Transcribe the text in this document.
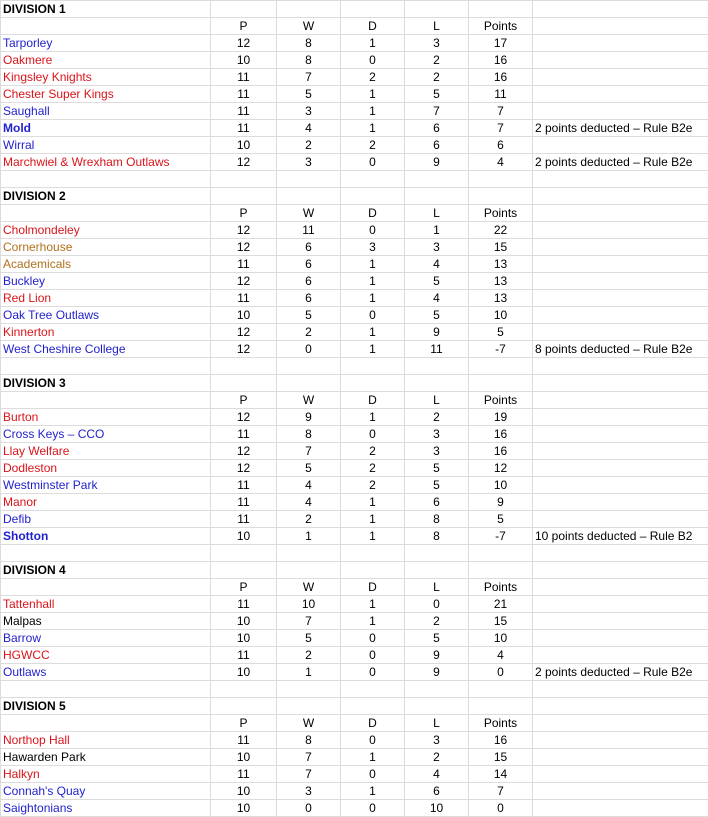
DIVISION 1						
	P	W	D	L	Points	
Tarporley	12	8	1	3	17	
Oakmere	10	8	0	2	16	
Kingsley Knights	11	7	2	2	16	
Chester Super Kings	11	5	1	5	11	
Saughall	11	3	1	7	7	
Mold	11	4	1	6	7	2 points deducted – Rule B2e
Wirral	10	2	2	6	6	
Marchwiel & Wrexham Outlaws	12	3	0	9	4	2 points deducted – Rule B2e

DIVISION 2						
	P	W	D	L	Points	
Cholmondeley	12	11	0	1	22	
Cornerhouse	12	6	3	3	15	
Academicals	11	6	1	4	13	
Buckley	12	6	1	5	13	
Red Lion	11	6	1	4	13	
Oak Tree Outlaws	10	5	0	5	10	
Kinnerton	12	2	1	9	5	
West Cheshire College	12	0	1	11	-7	8 points deducted – Rule B2e

DIVISION 3						
	P	W	D	L	Points	
Burton	12	9	1	2	19	
Cross Keys – CCO	11	8	0	3	16	
Llay Welfare	12	7	2	3	16	
Dodleston	12	5	2	5	12	
Westminster Park	11	4	2	5	10	
Manor	11	4	1	6	9	
Defib	11	2	1	8	5	
Shotton	10	1	1	8	-7	10 points deducted – Rule B2

DIVISION 4						
	P	W	D	L	Points	
Tattenhall	11	10	1	0	21	
Malpas	10	7	1	2	15	
Barrow	10	5	0	5	10	
HGWCC	11	2	0	9	4	
Outlaws	10	1	0	9	0	2 points deducted – Rule B2e

DIVISION 5						
	P	W	D	L	Points	
Northop Hall	11	8	0	3	16	
Hawarden Park	10	7	1	2	15	
Halkyn	11	7	0	4	14	
Connah's Quay	10	3	1	6	7	
Saightonians	10	0	0	10	0	
